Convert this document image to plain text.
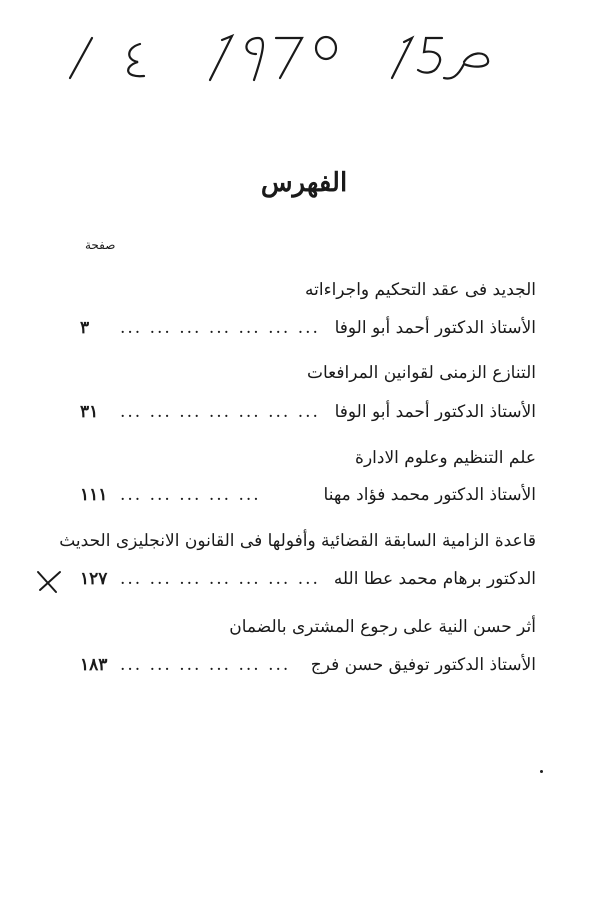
الفهرس
صفحة
الجديد فى عقد التحكيم واجراءاته
الأستاذ الدكتور أحمد أبو الوفا
... ... ... ... ... ... ...
٣
التنازع الزمنى لقوانين المرافعات
الأستاذ الدكتور أحمد أبو الوفا
... ... ... ... ... ... ...
٣١
علم التنظيم وعلوم الادارة
الأستاذ الدكتور محمد فؤاد مهنا
... ... ... ... ...
١١١
قاعدة الزامية السابقة القضائية وأفولها فى القانون الانجليزى الحديث
الدكتور برهام محمد عطا الله
... ... ... ... ... ... ...
١٢٧
أثر حسن النية على رجوع المشترى بالضمان
الأستاذ الدكتور توفيق حسن فرج
... ... ... ... ... ...
١٨٣
